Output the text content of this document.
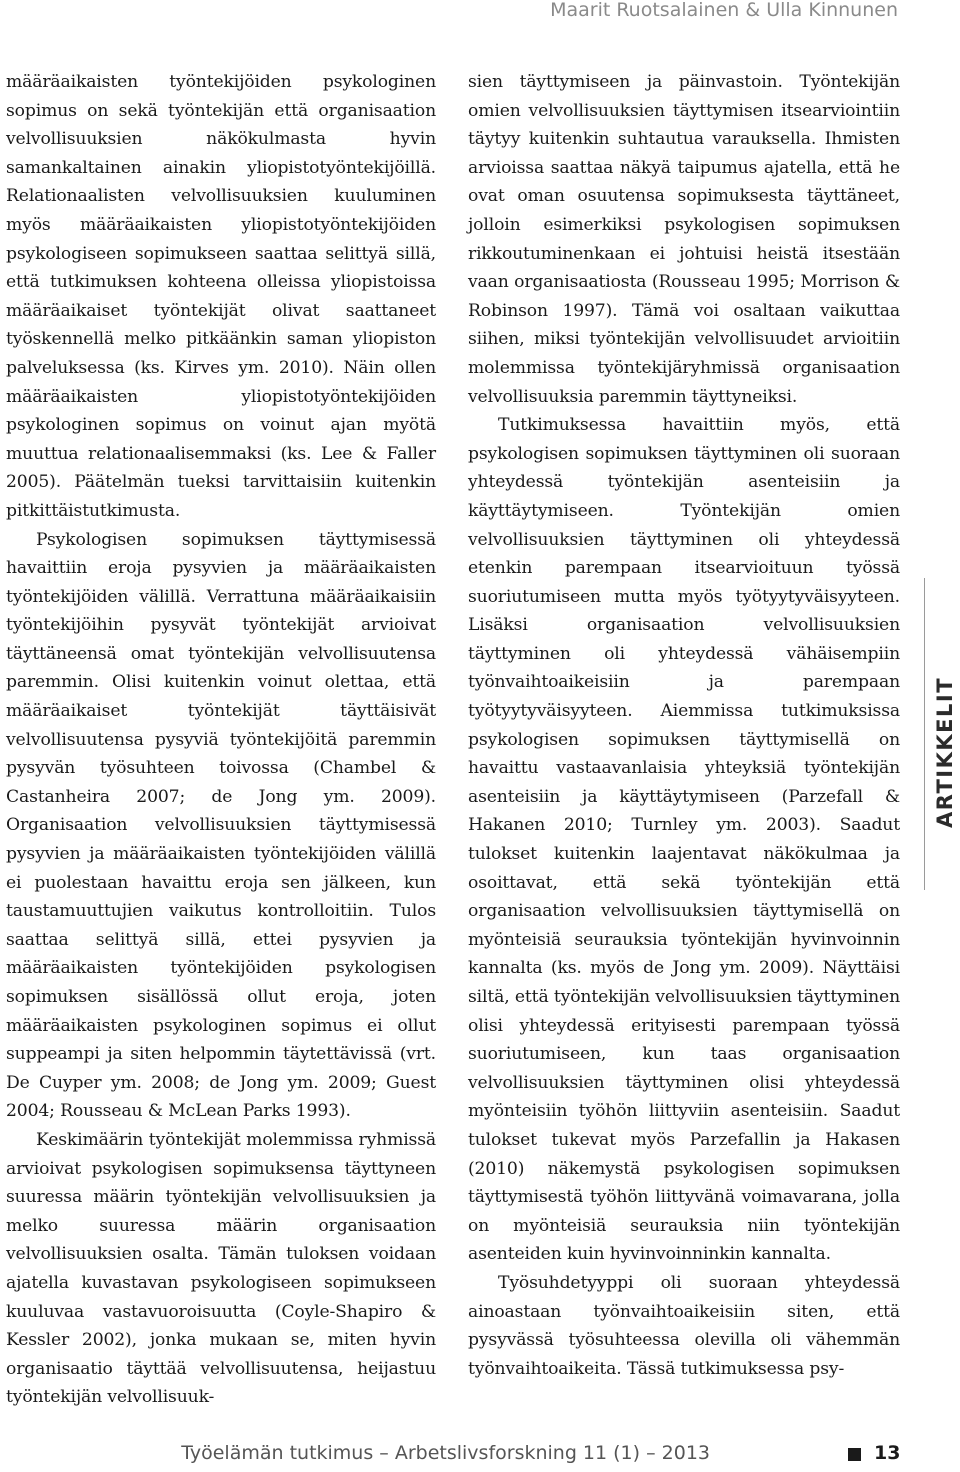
Maarit Ruotsalainen & Ulla Kinnunen

määräaikaisten työntekijöiden psykologinen sopimus on sekä työntekijän että organisaation velvollisuuksien näkökulmasta hyvin samankaltainen ainakin yliopistotyöntekijöillä. Relationaalisten velvollisuuksien kuuluminen myös määräaikaisten yliopistotyöntekijöiden psykologiseen sopimukseen saattaa selittyä sillä, että tutkimuksen kohteena olleissa yliopistoissa määräaikaiset työntekijät olivat saattaneet työskennellä melko pitkäänkin saman yliopiston palveluksessa (ks. Kirves ym. 2010). Näin ollen määräaikaisten yliopistotyöntekijöiden psykologinen sopimus on voinut ajan myötä muuttua relationaalisemmaksi (ks. Lee & Faller 2005). Päätelmän tueksi tarvittaisiin kuitenkin pitkittäistutkimusta.

Psykologisen sopimuksen täyttymisessä havaittiin eroja pysyvien ja määräaikaisten työntekijöiden välillä. Verrattuna määräaikaisiin työntekijöihin pysyvät työntekijät arvioivat täyttäneensä omat työntekijän velvollisuutensa paremmin. Olisi kuitenkin voinut olettaa, että määräaikaiset työntekijät täyttäisivät velvollisuutensa pysyviä työntekijöitä paremmin pysyvän työsuhteen toivossa (Chambel & Castanheira 2007; de Jong ym. 2009). Organisaation velvollisuuksien täyttymisessä pysyvien ja määräaikaisten työntekijöiden välillä ei puolestaan havaittu eroja sen jälkeen, kun taustamuuttujien vaikutus kontrolloitiin. Tulos saattaa selittyä sillä, ettei pysyvien ja määräaikaisten työntekijöiden psykologisen sopimuksen sisällössä ollut eroja, joten määräaikaisten psykologinen sopimus ei ollut suppeampi ja siten helpommin täytettävissä (vrt. De Cuyper ym. 2008; de Jong ym. 2009; Guest 2004; Rousseau & McLean Parks 1993).

Keskimäärin työntekijät molemmissa ryhmissä arvioivat psykologisen sopimuksensa täyttyneen suuressa määrin työntekijän velvollisuuksien ja melko suuressa määrin organisaation velvollisuuksien osalta. Tämän tuloksen voidaan ajatella kuvastavan psykologiseen sopimukseen kuuluvaa vastavuoroisuutta (Coyle-Shapiro & Kessler 2002), jonka mukaan se, miten hyvin organisaatio täyttää velvollisuutensa, heijastuu työntekijän velvollisuuk-

sien täyttymiseen ja päinvastoin. Työntekijän omien velvollisuuksien täyttymisen itsearviointiin täytyy kuitenkin suhtautua varauksella. Ihmisten arvioissa saattaa näkyä taipumus ajatella, että he ovat oman osuutensa sopimuksesta täyttäneet, jolloin esimerkiksi psykologisen sopimuksen rikkoutuminenkaan ei johtuisi heistä itsestään vaan organisaatiosta (Rousseau 1995; Morrison & Robinson 1997). Tämä voi osaltaan vaikuttaa siihen, miksi työntekijän velvollisuudet arvioitiin molemmissa työntekijäryhmissä organisaation velvollisuuksia paremmin täyttyneiksi.

Tutkimuksessa havaittiin myös, että psykologisen sopimuksen täyttyminen oli suoraan yhteydessä työntekijän asenteisiin ja käyttäytymiseen. Työntekijän omien velvollisuuksien täyttyminen oli yhteydessä etenkin parempaan itsearvioituun työssä suoriutumiseen mutta myös työtyytyväisyyteen. Lisäksi organisaation velvollisuuksien täyttyminen oli yhteydessä vähäisempiin työnvaihtoaikeisiin ja parempaan työtyytyväisyyteen. Aiemmissa tutkimuksissa psykologisen sopimuksen täyttymisellä on havaittu vastaavanlaisia yhteyksiä työntekijän asenteisiin ja käyttäytymiseen (Parzefall & Hakanen 2010; Turnley ym. 2003). Saadut tulokset kuitenkin laajentavat näkökulmaa ja osoittavat, että sekä työntekijän että organisaation velvollisuuksien täyttymisellä on myönteisiä seurauksia työntekijän hyvinvoinnin kannalta (ks. myös de Jong ym. 2009). Näyttäisi siltä, että työntekijän velvollisuuksien täyttyminen olisi yhteydessä erityisesti parempaan työssä suoriutumiseen, kun taas organisaation velvollisuuksien täyttyminen olisi yhteydessä myönteisiin työhön liittyviin asenteisiin. Saadut tulokset tukevat myös Parzefallin ja Hakasen (2010) näkemystä psykologisen sopimuksen täyttymisestä työhön liittyvänä voimavarana, jolla on myönteisiä seurauksia niin työntekijän asenteiden kuin hyvinvoinninkin kannalta.

Työsuhdetyyppi oli suoraan yhteydessä ainoastaan työnvaihtoaikeisiin siten, että pysyvässä työsuhteessa olevilla oli vähemmän työnvaihtoaikeita. Tässä tutkimuksessa psy-

ARTIKKELIT
Työelämän tutkimus – Arbetslivsforskning 11 (1) – 2013	13
